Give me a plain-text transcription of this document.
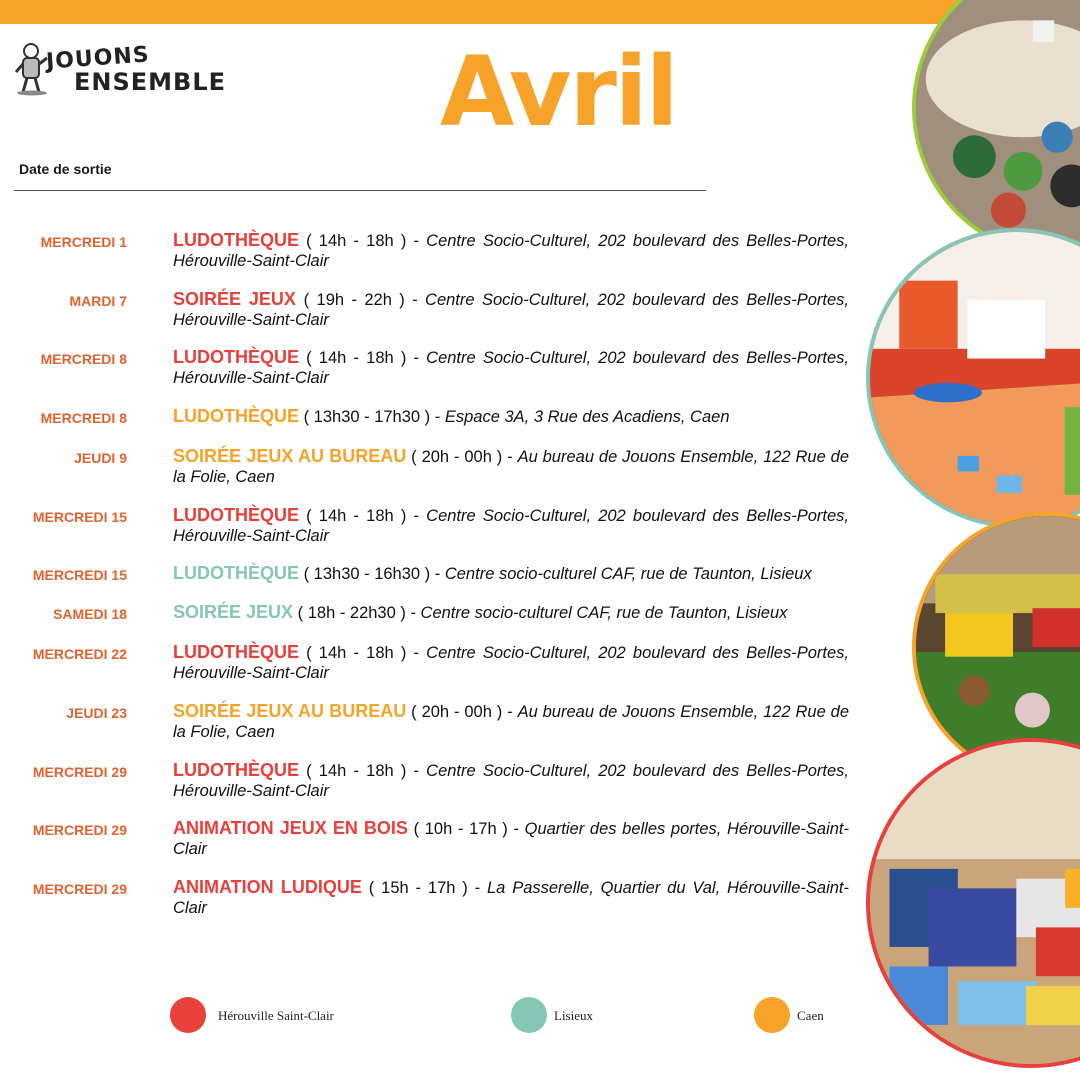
JOUONS
ENSEMBLE Avril
Date de sortie
MERCREDI 1	LUDOTHÈQUE ( 14h - 18h ) - Centre Socio-Culturel, 202 boulevard des Belles-Portes, Hérouville-Saint-Clair
MARDI 7	SOIRÉE JEUX ( 19h - 22h ) - Centre Socio-Culturel, 202 boulevard des Belles-Portes, Hérouville-Saint-Clair
MERCREDI 8	LUDOTHÈQUE ( 14h - 18h ) - Centre Socio-Culturel, 202 boulevard des Belles-Portes, Hérouville-Saint-Clair
MERCREDI 8	LUDOTHÈQUE ( 13h30 - 17h30 ) - Espace 3A, 3 Rue des Acadiens, Caen
JEUDI 9	SOIRÉE JEUX AU BUREAU ( 20h - 00h ) - Au bureau de Jouons Ensemble, 122 Rue de la Folie, Caen
MERCREDI 15	LUDOTHÈQUE ( 14h - 18h ) - Centre Socio-Culturel, 202 boulevard des Belles-Portes, Hérouville-Saint-Clair
MERCREDI 15	LUDOTHÈQUE ( 13h30 - 16h30 ) - Centre socio-culturel CAF, rue de Taunton, Lisieux
SAMEDI 18	SOIRÉE JEUX ( 18h - 22h30 ) - Centre socio-culturel CAF, rue de Taunton, Lisieux
MERCREDI 22	LUDOTHÈQUE ( 14h - 18h ) - Centre Socio-Culturel, 202 boulevard des Belles-Portes, Hérouville-Saint-Clair
JEUDI 23	SOIRÉE JEUX AU BUREAU ( 20h - 00h ) - Au bureau de Jouons Ensemble, 122 Rue de la Folie, Caen
MERCREDI 29	LUDOTHÈQUE ( 14h - 18h ) - Centre Socio-Culturel, 202 boulevard des Belles-Portes, Hérouville-Saint-Clair
MERCREDI 29	ANIMATION JEUX EN BOIS ( 10h - 17h ) - Quartier des belles portes, Hérouville-Saint-Clair
MERCREDI 29	ANIMATION LUDIQUE ( 15h - 17h ) - La Passerelle, Quartier du Val, Hérouville-Saint-Clair
Hérouville Saint-Clair	Lisieux	Caen
